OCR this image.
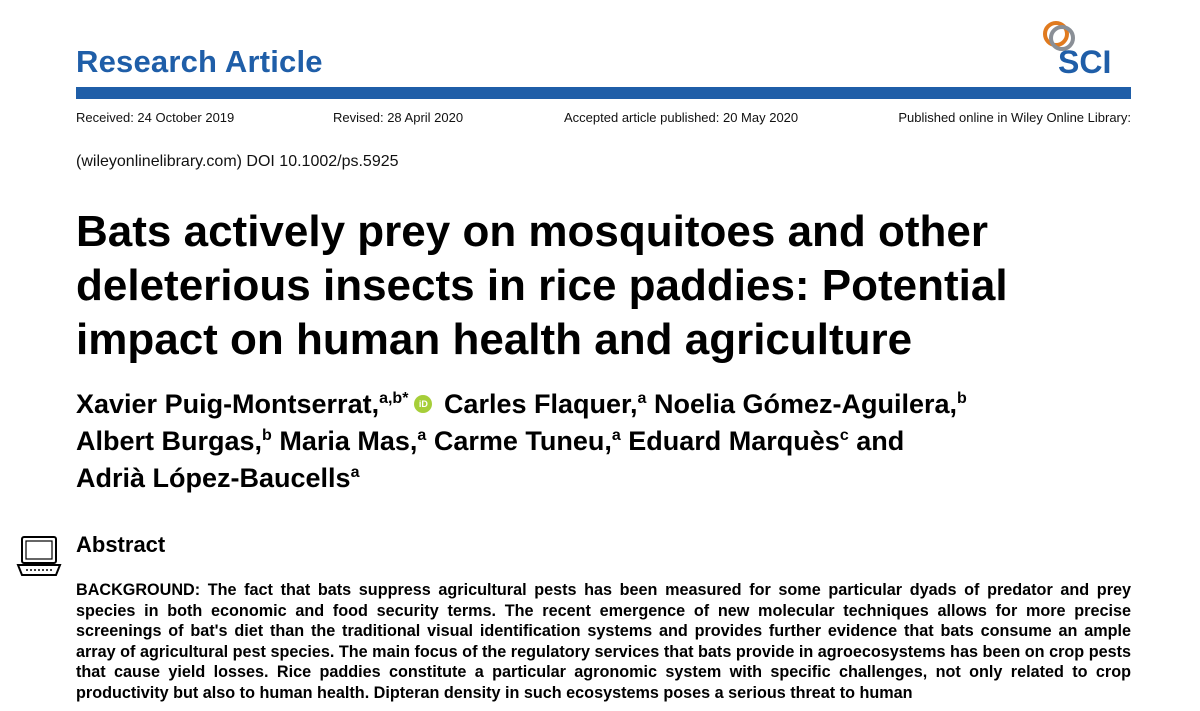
Research Article	SCI
Received: 24 October 2019	Revised: 28 April 2020	Accepted article published: 20 May 2020	Published online in Wiley Online Library:
(wileyonlinelibrary.com) DOI 10.1002/ps.5925
Bats actively prey on mosquitoes and other deleterious insects in rice paddies: Potential impact on human health and agriculture
Xavier Puig-Montserrat,$^{a,b*}$ iD Carles Flaquer,$^a$ Noelia Gómez-Aguilera,$^b$
Albert Burgas,$^b$ Maria Mas,$^a$ Carme Tuneu,$^a$ Eduard Marquès$^c$ and
Adrià López-Baucells$^a$
Abstract
BACKGROUND: The fact that bats suppress agricultural pests has been measured for some particular dyads of predator and prey species in both economic and food security terms. The recent emergence of new molecular techniques allows for more precise screenings of bat's diet than the traditional visual identification systems and provides further evidence that bats consume an ample array of agricultural pest species. The main focus of the regulatory services that bats provide in agroecosystems has been on crop pests that cause yield losses. Rice paddies constitute a particular agronomic system with specific challenges, not only related to crop productivity but also to human health. Dipteran density in such ecosystems poses a serious threat to human
